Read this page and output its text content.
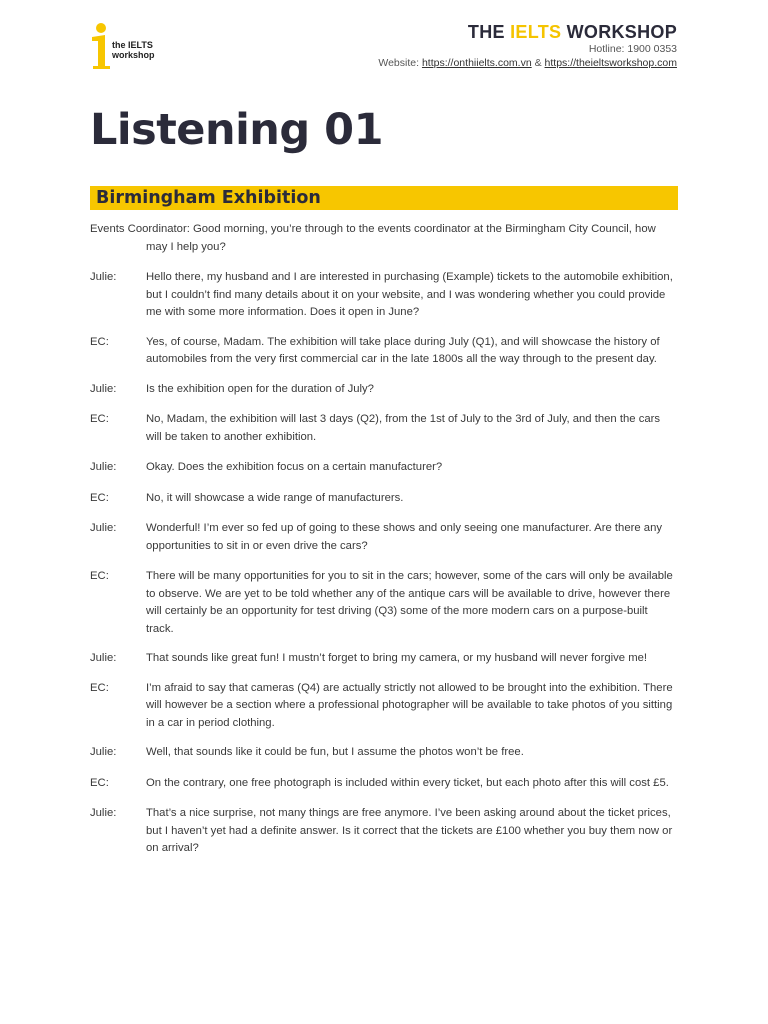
the IELTS
workshop
THE IELTS WORKSHOP
Hotline: 1900 0353
Website: https://onthiielts.com.vn & https://theieltsworkshop.com
Listening 01
Birmingham Exhibition
Events Coordinator: Good morning, you’re through to the events coordinator at the Birmingham City Council, how may I help you?
Julie:	Hello there, my husband and I are interested in purchasing (Example) tickets to the automobile exhibition, but I couldn’t find many details about it on your website, and I was wondering whether you could provide me with some more information. Does it open in June?
EC:	Yes, of course, Madam. The exhibition will take place during July (Q1), and will showcase the history of automobiles from the very first commercial car in the late 1800s all the way through to the present day.
Julie:	Is the exhibition open for the duration of July?
EC:	No, Madam, the exhibition will last 3 days (Q2), from the 1st of July to the 3rd of July, and then the cars will be taken to another exhibition.
Julie:	Okay. Does the exhibition focus on a certain manufacturer?
EC:	No, it will showcase a wide range of manufacturers.
Julie:	Wonderful! I’m ever so fed up of going to these shows and only seeing one manufacturer. Are there any opportunities to sit in or even drive the cars?
EC:	There will be many opportunities for you to sit in the cars; however, some of the cars will only be available to observe. We are yet to be told whether any of the antique cars will be available to drive, however there will certainly be an opportunity for test driving (Q3) some of the more modern cars on a purpose-built track.
Julie:	That sounds like great fun! I mustn’t forget to bring my camera, or my husband will never forgive me!
EC:	I’m afraid to say that cameras (Q4) are actually strictly not allowed to be brought into the exhibition. There will however be a section where a professional photographer will be available to take photos of you sitting in a car in period clothing.
Julie:	Well, that sounds like it could be fun, but I assume the photos won’t be free.
EC:	On the contrary, one free photograph is included within every ticket, but each photo after this will cost £5.
Julie:	That’s a nice surprise, not many things are free anymore. I’ve been asking around about the ticket prices, but I haven’t yet had a definite answer. Is it correct that the tickets are £100 whether you buy them now or on arrival?
